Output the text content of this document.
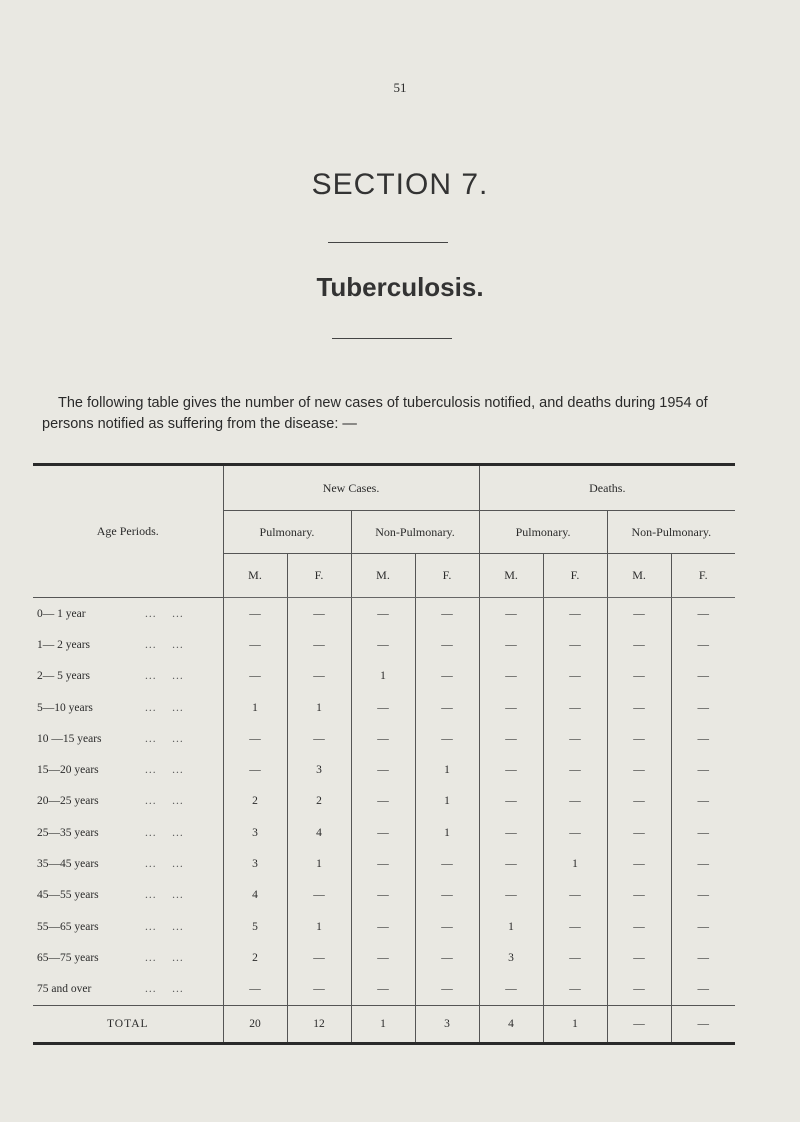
51
SECTION 7.
Tuberculosis.
The following table gives the number of new cases of tuberculosis notified, and deaths during 1954 of persons notified as suffering from the disease: —
Age Periods.	New Cases.				Deaths.			
	Pulmonary.		Non-Pulmonary.		Pulmonary.		Non-Pulmonary.	
	M.	F.	M.	F.	M.	F.	M.	F.
0— 1 year ...    ...	—	—	—	—	—	—	—	—
1— 2 years ...    ...	—	—	—	—	—	—	—	—
2— 5 years ...    ...	—	—	1	—	—	—	—	—
5—10 years ...    ...	1	1	—	—	—	—	—	—
10 —15 years ...    ...	—	—	—	—	—	—	—	—
15—20 years ...    ...	—	3	—	1	—	—	—	—
20—25 years ...    ...	2	2	—	1	—	—	—	—
25—35 years ...    ...	3	4	—	1	—	—	—	—
35—45 years ...    ...	3	1	—	—	—	1	—	—
45—55 years ...    ...	4	—	—	—	—	—	—	—
55—65 years ...    ...	5	1	—	—	1	—	—	—
65—75 years ...    ...	2	—	—	—	3	—	—	—
75 and over ...    ...	—	—	—	—	—	—	—	—
TOTAL	20	12	1	3	4	1	—	—
